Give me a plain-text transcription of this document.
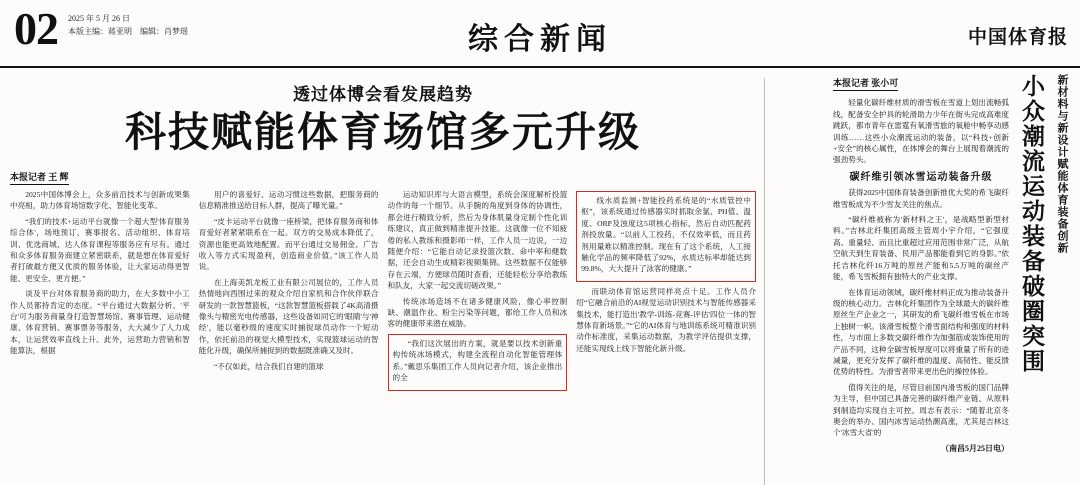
02 2025 年 5 月 26 日
本版主编：蒋亚明　编辑：肖梦瑶	综合新闻	中国体育报
透过体博会看发展趋势
科技赋能体育场馆多元升级
本报记者 王 辉

2025中国体博会上，众多前沿技术与创新成果集中亮相，助力体育场馆数字化、智能化变革。

“我们的技术+运动平台就像一个超大型'体育服务综合体'，场地预订、赛事报名、活动组织、体育培训、优选商城、达人体育课程等服务应有尽有。通过和众多体育服务商建立紧密联系，就是想在体育爱好者打破最方便又优质的服务体验，让大家运动得更智能、更安全、更方便。”

谈及平台对体育服务商的助力，在大多数中小工作人员都持肯定的态度。“平台通过大数据分析、'平台'可为服务商量身打造智慧场馆、赛事管理、运动健康、体育营销、赛事票务等服务，大大减少了人力成本，让运营效率直线上升。此外，运营助力营销和智能算法，根据

用户的喜爱好、运动习惯这些数据，把服务商的信息精准推送给目标人群，提高了曝光量。”

“皮卡运动平台就像一座桥梁，把体育服务商和体育爱好者紧紧联系在一起。双方的交易成本降低了，资源也能更高效地配置。而平台通过交易佣金、广告收入等方式实现盈利，创造商业价值。”该工作人员说。

在上海美凯龙板工业有限公司展位的，工作人员热情地向西围过来的观众介绍自家机和合作伙伴联合研发的一款智慧篮板，“这款智慧篮板搭载了4K高清摄像头与精密光电传感器，这些设备如同它的'眼睛'与'神经'，能以毫秒级的速度实时捕捉球员动作一个短动作，依托前沿的视觉大模型技术，实现篮球运动的智能化升级，确保所捕捉到的数据既准确又及时。

“不仅如此，结合我们自建的篮球

运动知识库与大语言模型，系统会深度解析投篮动作的每一个细节。从手腕的角度到身体的协调性，都会进行精致分析，然后为身体肌量身定制个性化训练建议，真正做到精准提升技能。这就像一位不知疲倦的私人教练和摄影师一样，工作人员一边说，一边随便介绍：“它能自动记录投篮次数、命中率和健数据，还会自动生成精彩视频集锦。这些数据不仅能够存在云端，方便球员随时查看，还能轻松分享给教练和队友，大家一起交流切磋改果。”

传统冰场造场不在诸多健康风险，像心率控制缺、潮温作业、粉尘污染等问题，都给工作人员和冰客的健康带来潜在威胁。

“我们这次展出的方案，就是要以技术创新重构传统冰场模式，构建全流程自动化智能管理体系。”戴思乐集团工作人员向记者介绍，该企业推出的全

线水质监测+智能投药系统是的“水质管控中枢”，该系统通过传感器实时抓取余氯、PH值、温度、ORP及浊度这5项核心指标，然后自动匹配药剂投放量。“以前人工投药，不仅效率低，而且药剂用量难以精准控制。现在有了这个系统，人工接触化学品的频率降低了92%，水质达标率却能达到99.8%，大大提升了泳客的健康。”

而联动体育馆运营同样亮点十足。工作人员介绍“它融合前沿的AI视觉运动识别技术与智能传感器采集技术，能打造出'教学-训练-竞赛-评估'四位一体的智慧体育新场景。”“它的AI体育与地训练系统可精准识别动作标准度，采集运动数据，为教学评估提供支撑，还能实现线上线下智能化新升级。

本报记者 张小可

轻量化碳纤维材质的滑雪板在雪道上划出流畅弧线，配备安全护具的轮滑助力少年在街头完成高难度跳跃，都市青年在雷霆有氧滑雪旅的氧舱中畅享动感训练……这些小众潮流运动的装备，以“科技+创新+安全”的核心属性，在体博会的舞台上展现着潮流的强劲势头。

碳纤维引领冰雪运动装备升级

获得2025中国体育装备创新推优大奖的希飞碳纤维雪板成为不少雪友关注的焦点。

“碳纤维被称为'新材料之王'，是战略型新型材料。”吉林北纤集团高级主管周小宇介绍，“它强度高、重量轻、而且比重超过应用范围非常广泛，从航空航天到生育装备、民用产品都能看到它的身影。”依托吉林化纤16万吨的原丝产能和5.5万吨的碳丝产能，希飞雪板拥有独特大的产业支撑。

在体育运动领域，碳纤维材料正成为推动装备升级的核心动力。吉林化纤集团作为全球最大的碳纤维原丝生产企业之一，其研发的希飞碳纤维雪板在市场上独树一帜。该滑雪板整个滑雪面结构和强度的材料性，与市面上多数交碳纤维作为加强筋或装饰使用的产品不同，这种全碳雪板厚度可以将重量了所有的进减量，更充分发挥了碳纤维的温度、高韧性、能反馈优势的特性。为滑雪者带来更出色的操控体验。

值得关注的是，尽管目前国内滑雪板的国门品牌为主导，但中国已具备完善的碳纤维产业链、从原料到制造均实现自主可控。周志有表示：“随着北京冬奥会的举办、国内冰雪运动热潮高涨，尤其是吉林这个'冰雪大省'的

（南昌5月25日电）
小众潮流运动装备破圈突围	新材料与新设计赋能体育装备创新
